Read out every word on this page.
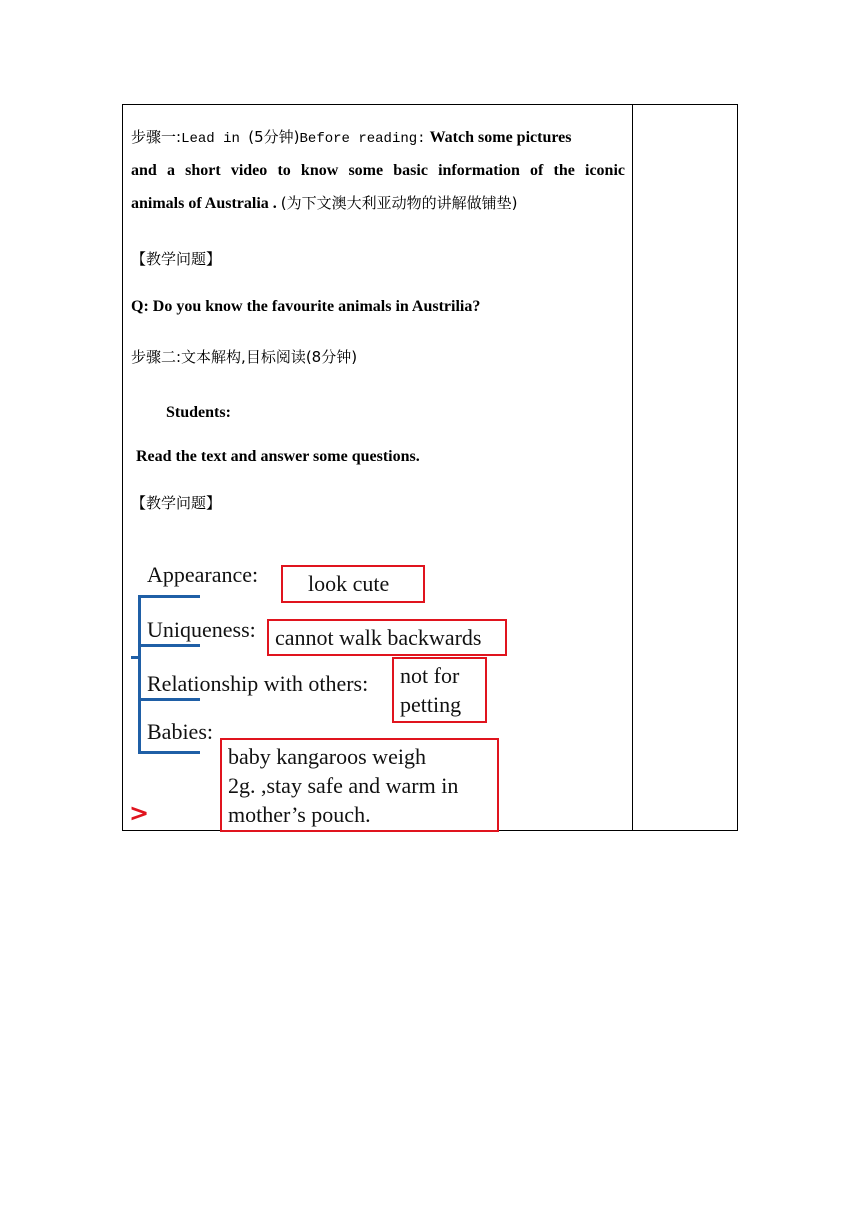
步骤一:Lead in (5分钟)Before reading: Watch some pictures
and a short video to know some basic information of the iconic
animals of Australia . (为下文澳大利亚动物的讲解做铺垫)
【教学问题】
Q: Do you know the favourite animals in Austrilia?
步骤二:文本解构,目标阅读(8分钟)
Students:
Read the text and answer some questions.
【教学问题】
Appearance:	look cute
Uniqueness: cannot walk backwards
Relationship with others: not for
petting
Babies:
baby kangaroos weigh
2g. ,stay safe and warm in
mother’s pouch.
>
